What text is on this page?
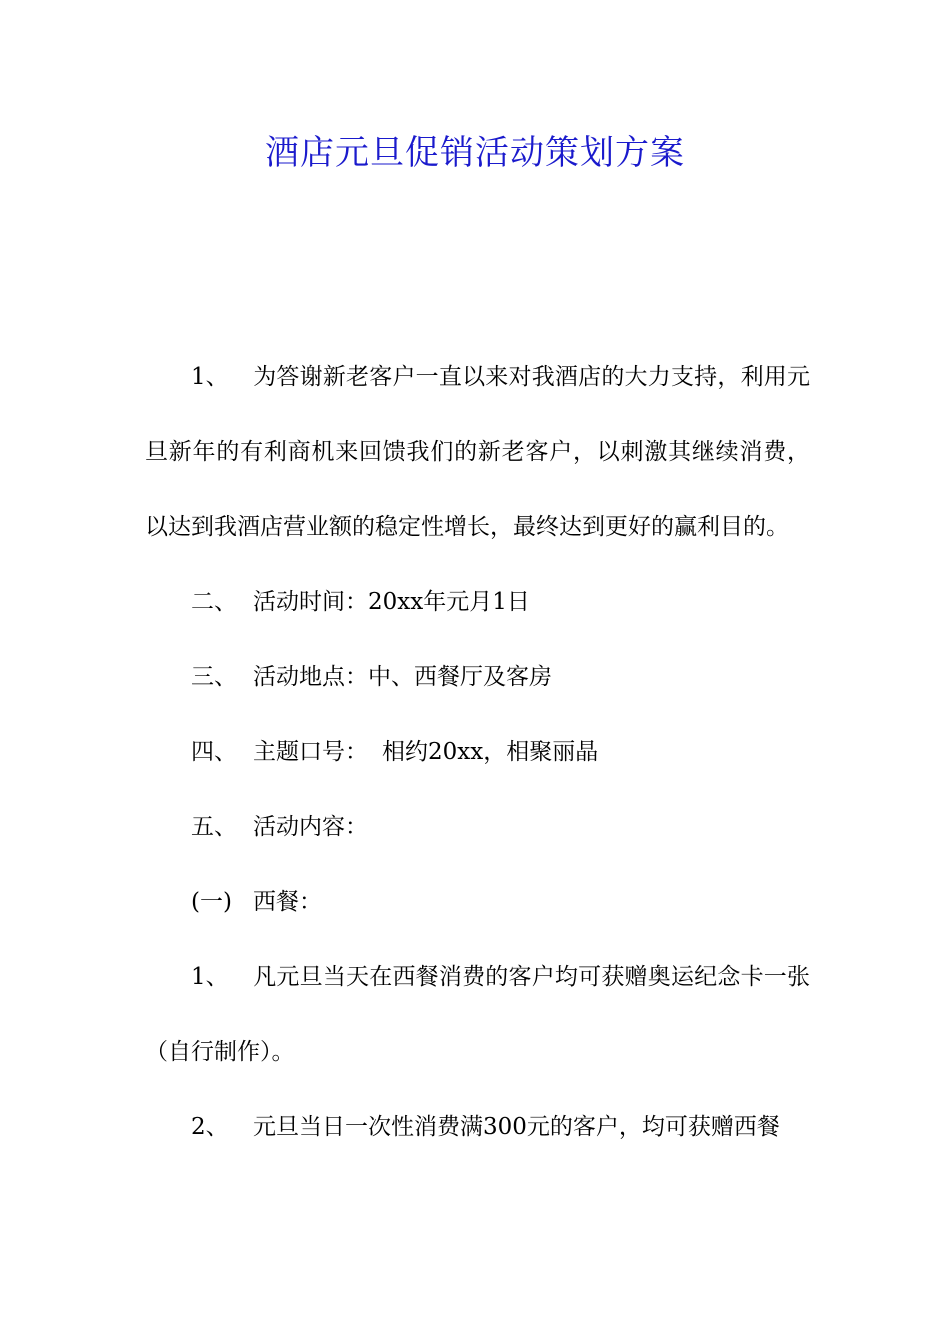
酒店元旦促销活动策划方案

1、 为答谢新老客户一直以来对我酒店的大力支持，利用元旦新年的有利商机来回馈我们的新老客户，以刺激其继续消费，以达到我酒店营业额的稳定性增长，最终达到更好的赢利目的。

二、 活动时间：20xx年元月1日

三、 活动地点：中、西餐厅及客房

四、 主题口号： 相约20xx，相聚丽晶

五、 活动内容：

(一) 西餐：

1、 凡元旦当天在西餐消费的客户均可获赠奥运纪念卡一张（自行制作）。

2、 元旦当日一次性消费满300元的客户，均可获赠西餐
